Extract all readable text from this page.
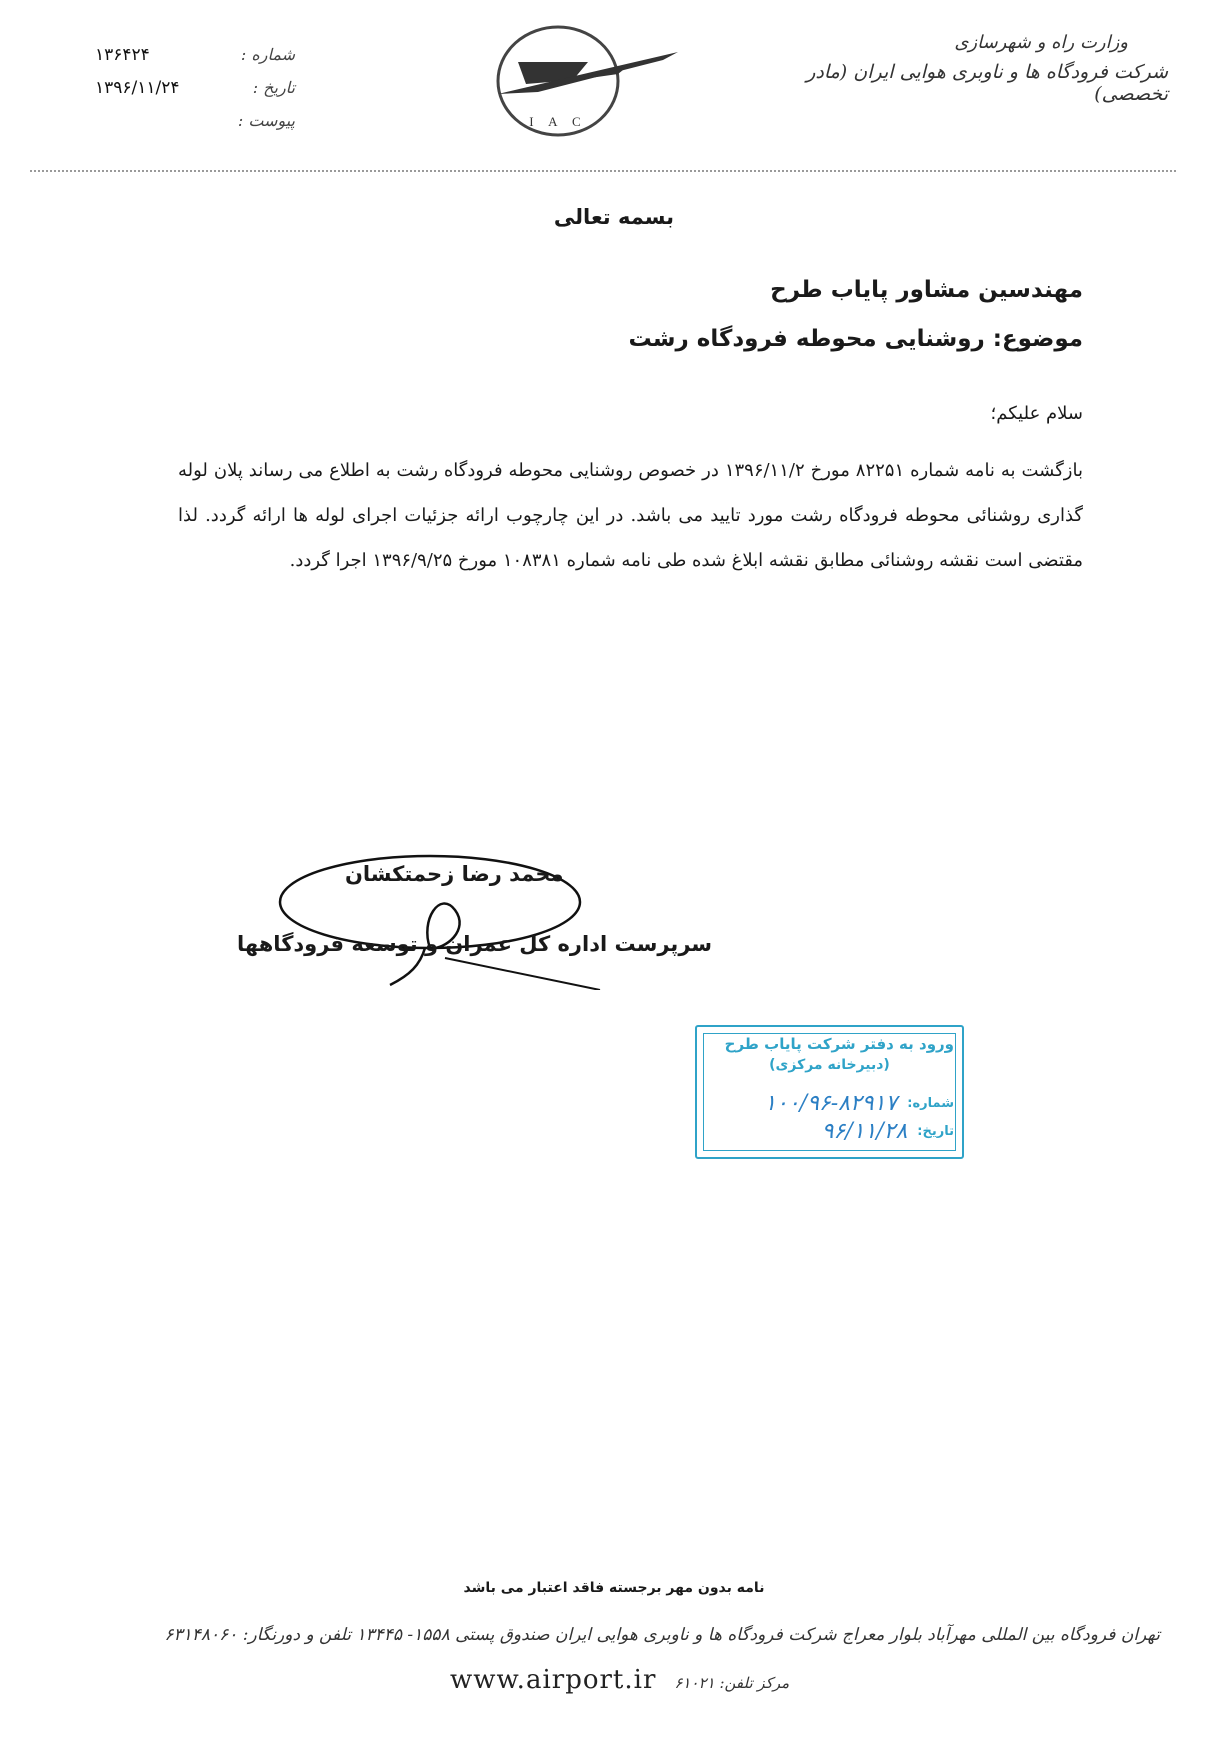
وزارت راه و شهرسازی
شرکت فرودگاه ها و ناوبری هوایی ایران (مادر تخصصی)
I A C
شماره :
۱۳۶۴۲۴
تاریخ :
۱۳۹۶/۱۱/۲۴
پیوست :
بسمه تعالی
مهندسین مشاور پایاب طرح
موضوع: روشنایی محوطه فرودگاه رشت
سلام علیکم؛
بازگشت به نامه شماره ۸۲۲۵۱ مورخ ۱۳۹۶/۱۱/۲ در خصوص روشنایی محوطه فرودگاه رشت به اطلاع می رساند پلان لوله گذاری روشنائی محوطه فرودگاه رشت مورد تایید می باشد. در این چارچوب ارائه جزئیات اجرای لوله ها ارائه گردد. لذا مقتضی است نقشه روشنائی مطابق نقشه ابلاغ شده طی نامه شماره ۱۰۸۳۸۱ مورخ ۱۳۹۶/۹/۲۵ اجرا گردد.
محمد رضا زحمتکشان
سرپرست اداره کل عمران و توسعه فرودگاهها
ورود به دفتر شرکت پایاب طرح
(دبیرخانه مرکزی)
۱۰۰/۹۶-۸۲۹۱۷ شماره:
۹۶/۱۱/۲۸ تاریخ:
نامه بدون مهر برجسته فاقد اعتبار می باشد
تهران فرودگاه بین المللی مهرآباد بلوار معراج شرکت فرودگاه ها و ناوبری هوایی ایران صندوق پستی ۱۵۵۸- ۱۳۴۴۵ تلفن و دورنگار: ۶۳۱۴۸۰۶۰
www.airport.ir مرکز تلفن: ۶۱۰۲۱
